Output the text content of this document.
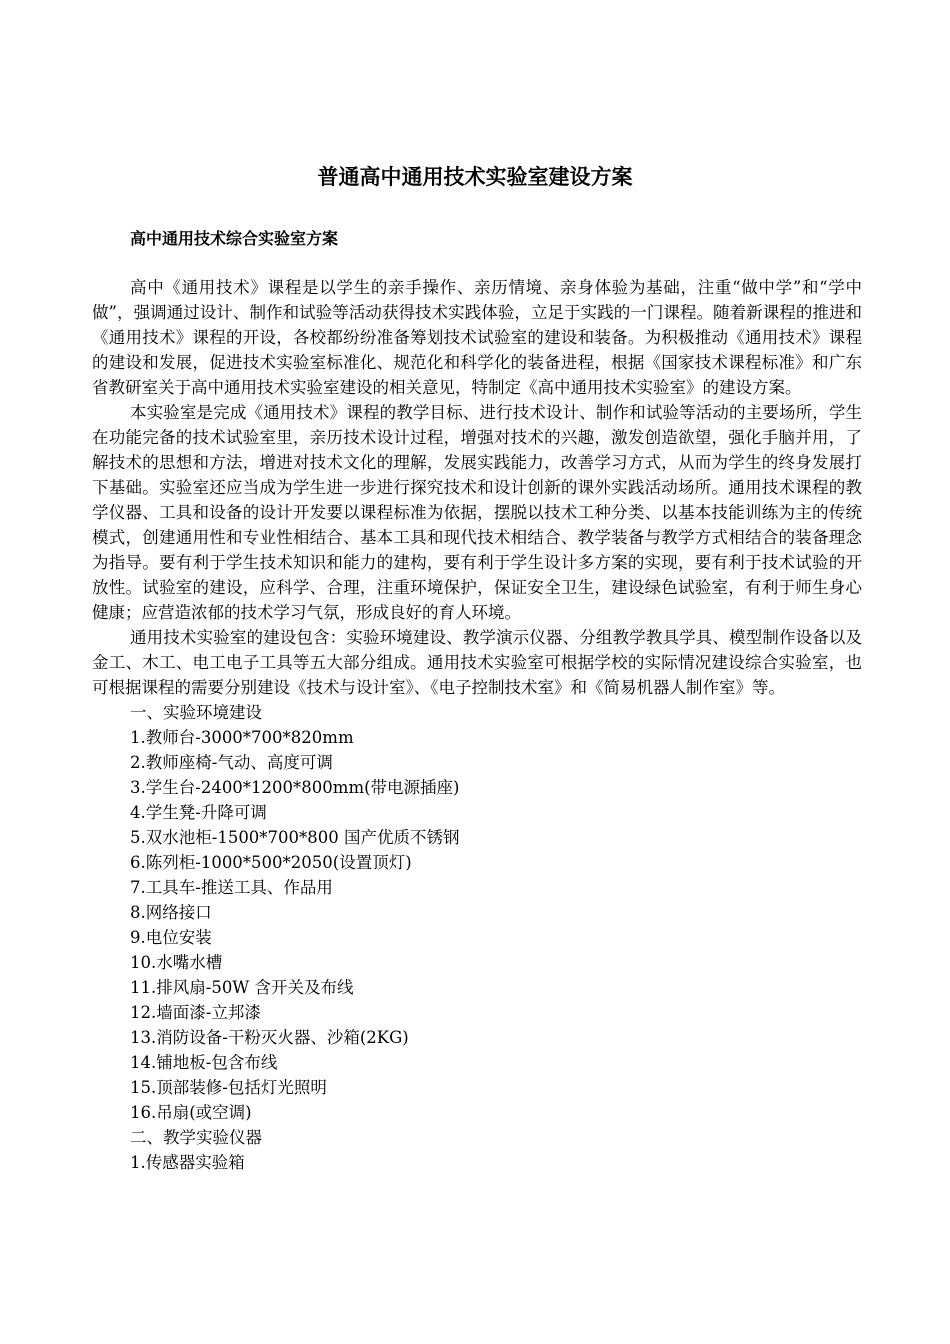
普通高中通用技术实验室建设方案
高中通用技术综合实验室方案

高中《通用技术》课程是以学生的亲手操作、亲历情境、亲身体验为基础，注重“做中学”和“学中做”，强调通过设计、制作和试验等活动获得技术实践体验，立足于实践的一门课程。随着新课程的推进和《通用技术》课程的开设，各校都纷纷准备筹划技术试验室的建设和装备。为积极推动《通用技术》课程的建设和发展，促进技术实验室标准化、规范化和科学化的装备进程，根据《国家技术课程标准》和广东省教研室关于高中通用技术实验室建设的相关意见，特制定《高中通用技术实验室》的建设方案。

本实验室是完成《通用技术》课程的教学目标、进行技术设计、制作和试验等活动的主要场所，学生在功能完备的技术试验室里，亲历技术设计过程，增强对技术的兴趣，激发创造欲望，强化手脑并用，了解技术的思想和方法，增进对技术文化的理解，发展实践能力，改善学习方式，从而为学生的终身发展打下基础。实验室还应当成为学生进一步进行探究技术和设计创新的课外实践活动场所。通用技术课程的教学仪器、工具和设备的设计开发要以课程标准为依据，摆脱以技术工种分类、以基本技能训练为主的传统模式，创建通用性和专业性相结合、基本工具和现代技术相结合、教学装备与教学方式相结合的装备理念为指导。要有利于学生技术知识和能力的建构，要有利于学生设计多方案的实现，要有利于技术试验的开放性。试验室的建设，应科学、合理，注重环境保护，保证安全卫生，建设绿色试验室，有利于师生身心健康；应营造浓郁的技术学习气氛，形成良好的育人环境。

通用技术实验室的建设包含：实验环境建设、教学演示仪器、分组教学教具学具、模型制作设备以及金工、木工、电工电子工具等五大部分组成。通用技术实验室可根据学校的实际情况建设综合实验室，也可根据课程的需要分别建设《技术与设计室》、《电子控制技术室》和《简易机器人制作室》等。

一、实验环境建设

1.教师台-3000*700*820mm

2.教师座椅-气动、高度可调

3.学生台-2400*1200*800mm(带电源插座)

4.学生凳-升降可调

5.双水池柜-1500*700*800 国产优质不锈钢

6.陈列柜-1000*500*2050(设置顶灯)

7.工具车-推送工具、作品用

8.网络接口

9.电位安装

10.水嘴水槽

11.排风扇-50W 含开关及布线

12.墙面漆-立邦漆

13.消防设备-干粉灭火器、沙箱(2KG)

14.铺地板-包含布线

15.顶部装修-包括灯光照明

16.吊扇(或空调)

二、教学实验仪器

1.传感器实验箱
